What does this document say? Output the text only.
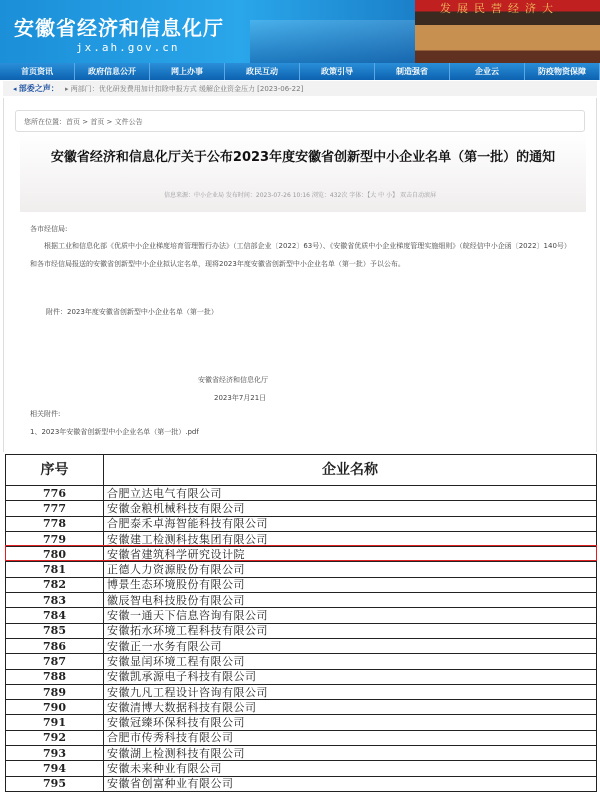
发展民营经济大
安徽省经济和信息化厅
jx.ah.gov.cn
首页资讯	政府信息公开	网上办事	政民互动	政策引导	制造强省	企业云	防疫物资保障
◂ 部委之声： ▸ 两部门：优化研发费用加计扣除申报方式 缓解企业资金压力 [2023-06-22]
您所在位置：首页 > 首页 > 文件公告
安徽省经济和信息化厅关于公布2023年度安徽省创新型中小企业名单（第一批）的通知
信息来源：中小企业局 发布时间：2023-07-26 10:16 浏览：432次 字体：【大 中 小】 双击自动滚屏
各市经信局:
根据工业和信息化部《优质中小企业梯度培育管理暂行办法》（工信部企业〔2022〕63号）、《安徽省优质中小企业梯度管理实施细则》（皖经信中小企函〔2022〕140号）和各市经信局报送的安徽省创新型中小企业拟认定名单，现将2023年度安徽省创新型中小企业名单（第一批）予以公布。
附件：2023年度安徽省创新型中小企业名单（第一批）
安徽省经济和信息化厅
2023年7月21日
相关附件:
1、2023年安徽省创新型中小企业名单（第一批）.pdf
序号	企业名称
776	合肥立达电气有限公司
777	安徽金粮机械科技有限公司
778	合肥泰禾卓海智能科技有限公司
779	安徽建工检测科技集团有限公司
780	安徽省建筑科学研究设计院
781	正德人力资源股份有限公司
782	博景生态环境股份有限公司
783	徽辰智电科技股份有限公司
784	安徽一通天下信息咨询有限公司
785	安徽拓水环境工程科技有限公司
786	安徽正一水务有限公司
787	安徽显闰环境工程有限公司
788	安徽凯承源电子科技有限公司
789	安徽九凡工程设计咨询有限公司
790	安徽清博大数据科技有限公司
791	安徽冠臻环保科技有限公司
792	合肥市传秀科技有限公司
793	安徽湖上检测科技有限公司
794	安徽未来种业有限公司
795	安徽省创富种业有限公司
